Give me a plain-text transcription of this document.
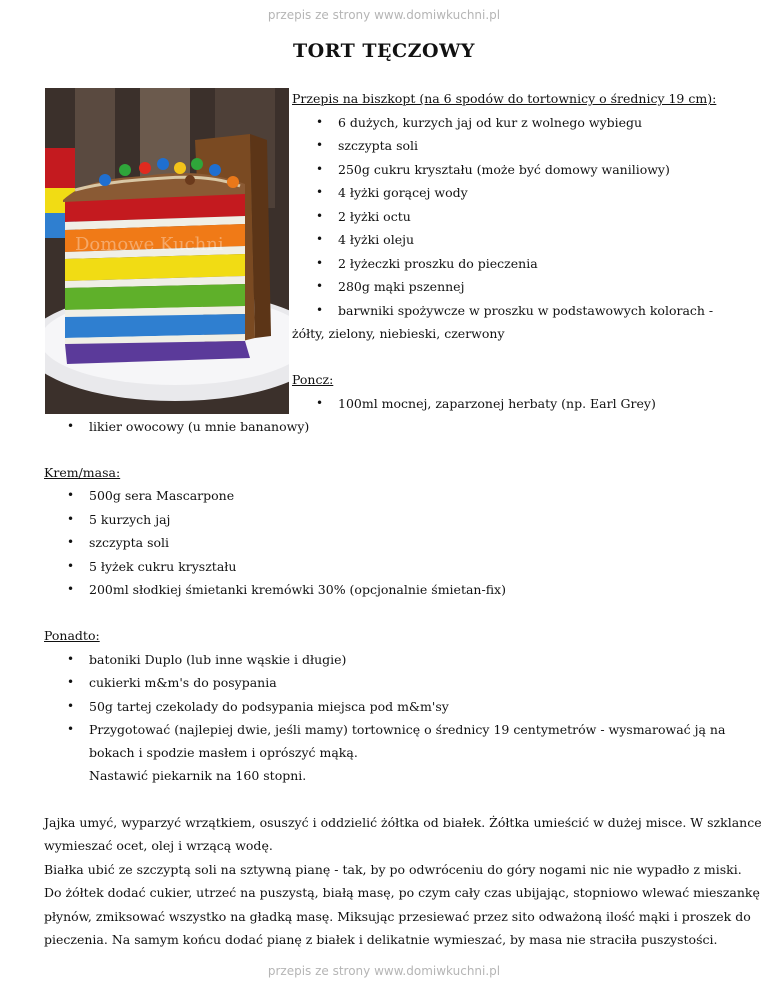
przepis ze strony www.domiwkuchni.pl
TORT TĘCZOWY
Domowe Kuchni
Przepis na biszkopt (na 6 spodów do tortownicy o średnicy 19 cm):
• 6 dużych, kurzych jaj od kur z wolnego wybiegu
• szczypta soli
• 250g cukru kryształu (może być domowy waniliowy)
• 4 łyżki gorącej wody
• 2 łyżki octu
• 4 łyżki oleju
• 2 łyżeczki proszku do pieczenia
• 280g mąki pszennej
• barwniki spożywcze w proszku w podstawowych kolorach -
żółty, zielony, niebieski, czerwony
Poncz:
• 100ml mocnej, zaparzonej herbaty (np. Earl Grey)
• likier owocowy (u mnie bananowy)
Krem/masa:
• 500g sera Mascarpone
• 5 kurzych jaj
• szczypta soli
• 5 łyżek cukru kryształu
• 200ml słodkiej śmietanki kremówki 30% (opcjonalnie śmietan-fix)
Ponadto:
• batoniki Duplo (lub inne wąskie i długie)
• cukierki m&m's do posypania
• 50g tartej czekolady do podsypania miejsca pod m&m'sy
• Przygotować (najlepiej dwie, jeśli mamy) tortownicę o średnicy 19 centymetrów - wysmarować ją na
bokach i spodzie masłem i oprószyć mąką.
Nastawić piekarnik na 160 stopni.
Jajka umyć, wyparzyć wrzątkiem, osuszyć i oddzielić żółtka od białek. Żółtka umieścić w dużej misce. W szklance
wymieszać ocet, olej i wrzącą wodę.
Białka ubić ze szczyptą soli na sztywną pianę - tak, by po odwróceniu do góry nogami nic nie wypadło z miski.
Do żółtek dodać cukier, utrzeć na puszystą, białą masę, po czym cały czas ubijając, stopniowo wlewać mieszankę
płynów, zmiksować wszystko na gładką masę. Miksując przesiewać przez sito odważoną ilość mąki i proszek do
pieczenia. Na samym końcu dodać pianę z białek i delikatnie wymieszać, by masa nie straciła puszystości.
przepis ze strony www.domiwkuchni.pl
